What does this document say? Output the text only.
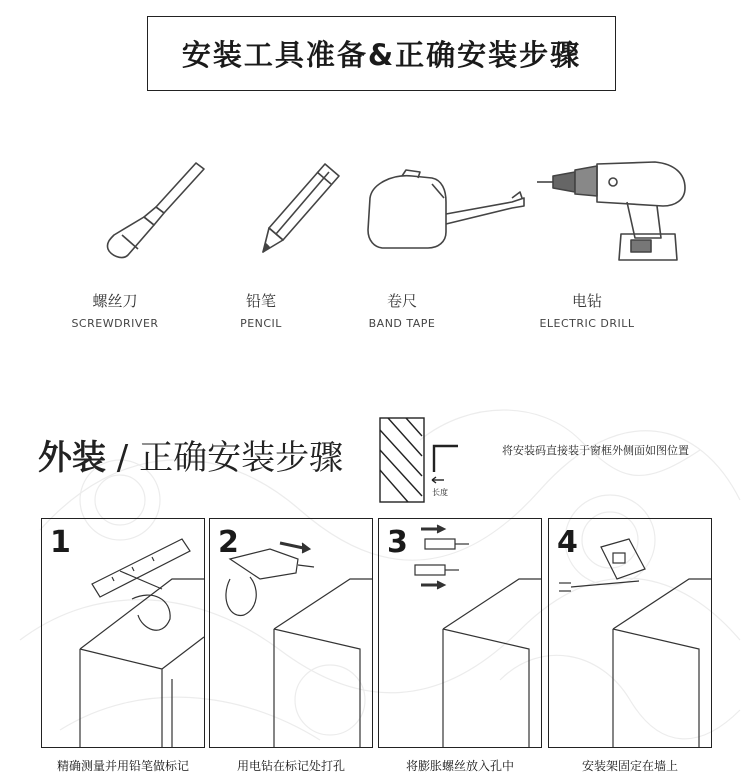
安装工具准备&正确安装步骤
螺丝刀
SCREWDRIVER
铅笔
PENCIL
卷尺
BAND TAPE
电钻
ELECTRIC DRILL
外装 / 正确安装步骤
长度
将安装码直接装于窗框外侧面如图位置
1	2	3	4
精确测量并用铅笔做标记	用电钻在标记处打孔	将膨胀螺丝放入孔中	安装架固定在墙上
